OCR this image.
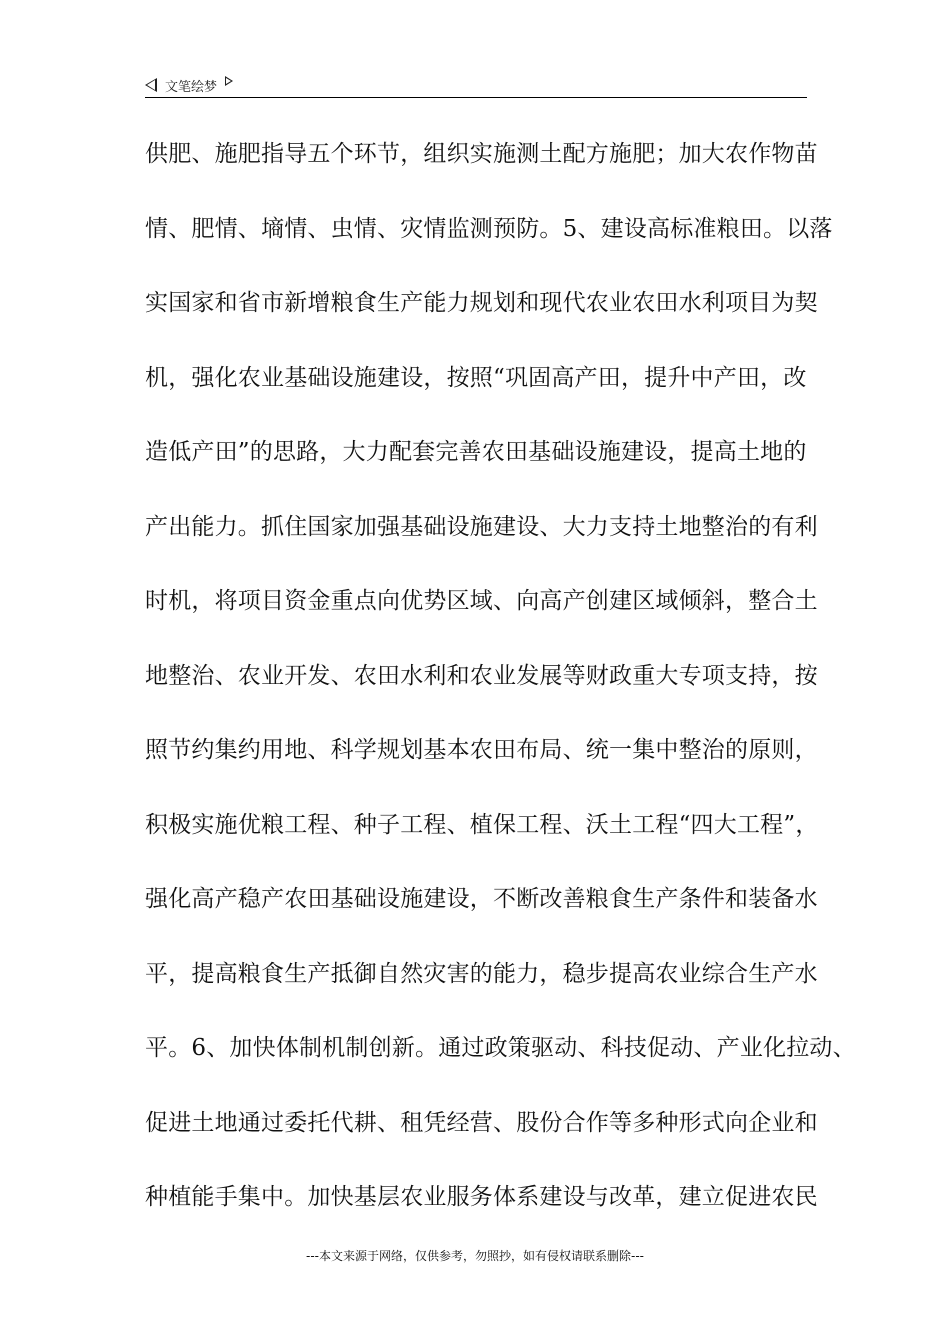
文笔绘梦
供肥、施肥指导五个环节，组织实施测土配方施肥；加大农作物苗
情、肥情、墒情、虫情、灾情监测预防。5、建设高标准粮田。以落
实国家和省市新增粮食生产能力规划和现代农业农田水利项目为契
机，强化农业基础设施建设，按照“巩固高产田，提升中产田，改
造低产田”的思路，大力配套完善农田基础设施建设，提高土地的
产出能力。抓住国家加强基础设施建设、大力支持土地整治的有利
时机，将项目资金重点向优势区域、向高产创建区域倾斜，整合土
地整治、农业开发、农田水利和农业发展等财政重大专项支持，按
照节约集约用地、科学规划基本农田布局、统一集中整治的原则，
积极实施优粮工程、种子工程、植保工程、沃土工程“四大工程”，
强化高产稳产农田基础设施建设，不断改善粮食生产条件和装备水
平，提高粮食生产抵御自然灾害的能力，稳步提高农业综合生产水
平。6、加快体制机制创新。通过政策驱动、科技促动、产业化拉动、
促进土地通过委托代耕、租凭经营、股份合作等多种形式向企业和
种植能手集中。加快基层农业服务体系建设与改革，建立促进农民
---本文来源于网络，仅供参考，勿照抄，如有侵权请联系删除---
